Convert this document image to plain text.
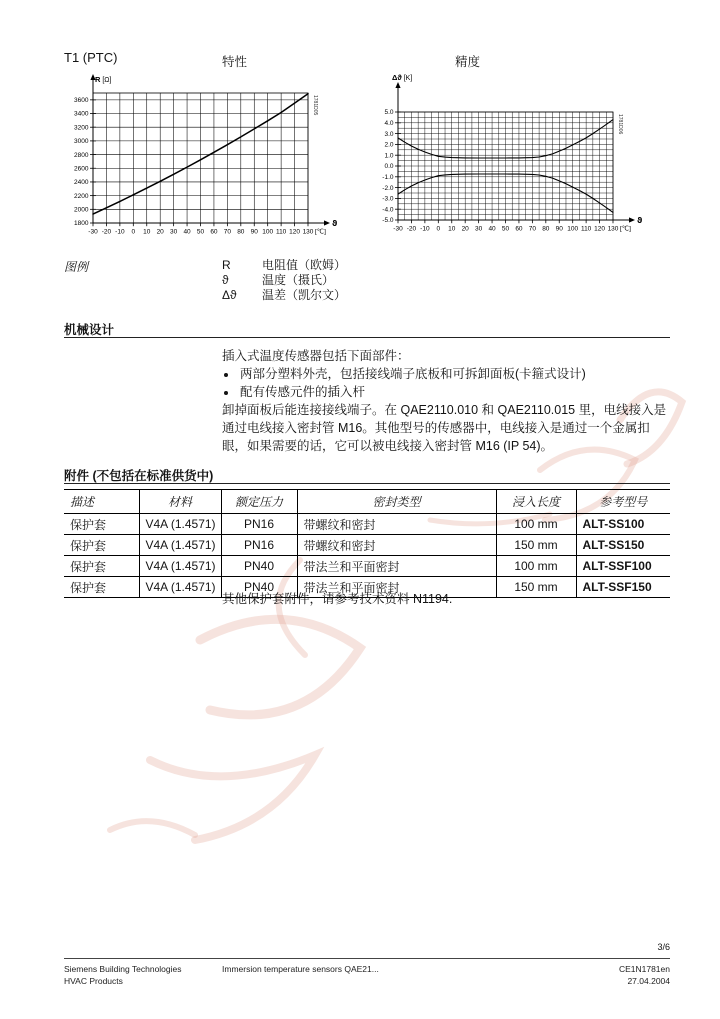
T1 (PTC)	特性	精度
R [Ω]
ϑ
-30 -20 -10 0 10 20 30 40 50 60 70 80 90 100 110 120 130 [℃]
1800
2000
2200
2400
2600
2800
3000
3200
3400
3600	1781D05
Δϑ [K]
ϑ
-30 -20 -10 0 10 20 30 40 50 60 70 80 90 100 110 120 130 [℃]
5.0
4.0
3.0
2.0
1.0
0.0
-1.0
-2.0
-3.0
-4.0
-5.0
1781D06
图例	R	电阻值（欧姆）
ϑ	温度（摄氏）
Δϑ	温差（凯尔文）
机械设计
插入式温度传感器包括下面部件：
• 两部分塑料外壳，包括接线端子底板和可拆卸面板(卡箍式设计)
• 配有传感元件的插入杆
卸掉面板后能连接接线端子。在 QAE2110.010 和 QAE2110.015 里，电线接入是通过电线接入密封管 M16。其他型号的传感器中，电线接入是通过一个金属扣眼，如果需要的话，它可以被电线接入密封管 M16 (IP 54)。
附件 (不包括在标准供货中)
描述	材料	额定压力	密封类型	浸入长度	参考型号
保护套	V4A (1.4571)	PN16	带螺纹和密封	100 mm	ALT-SS100
保护套	V4A (1.4571)	PN16	带螺纹和密封	150 mm	ALT-SS150
保护套	V4A (1.4571)	PN40	带法兰和平面密封	100 mm	ALT-SSF100
保护套	V4A (1.4571)	PN40	带法兰和平面密封	150 mm	ALT-SSF150
其他保护套附件，请参考技术资料 N1194.
3/6
Siemens Building Technologies
HVAC Products
Immersion temperature sensors QAE21...	CE1N1781en
27.04.2004
